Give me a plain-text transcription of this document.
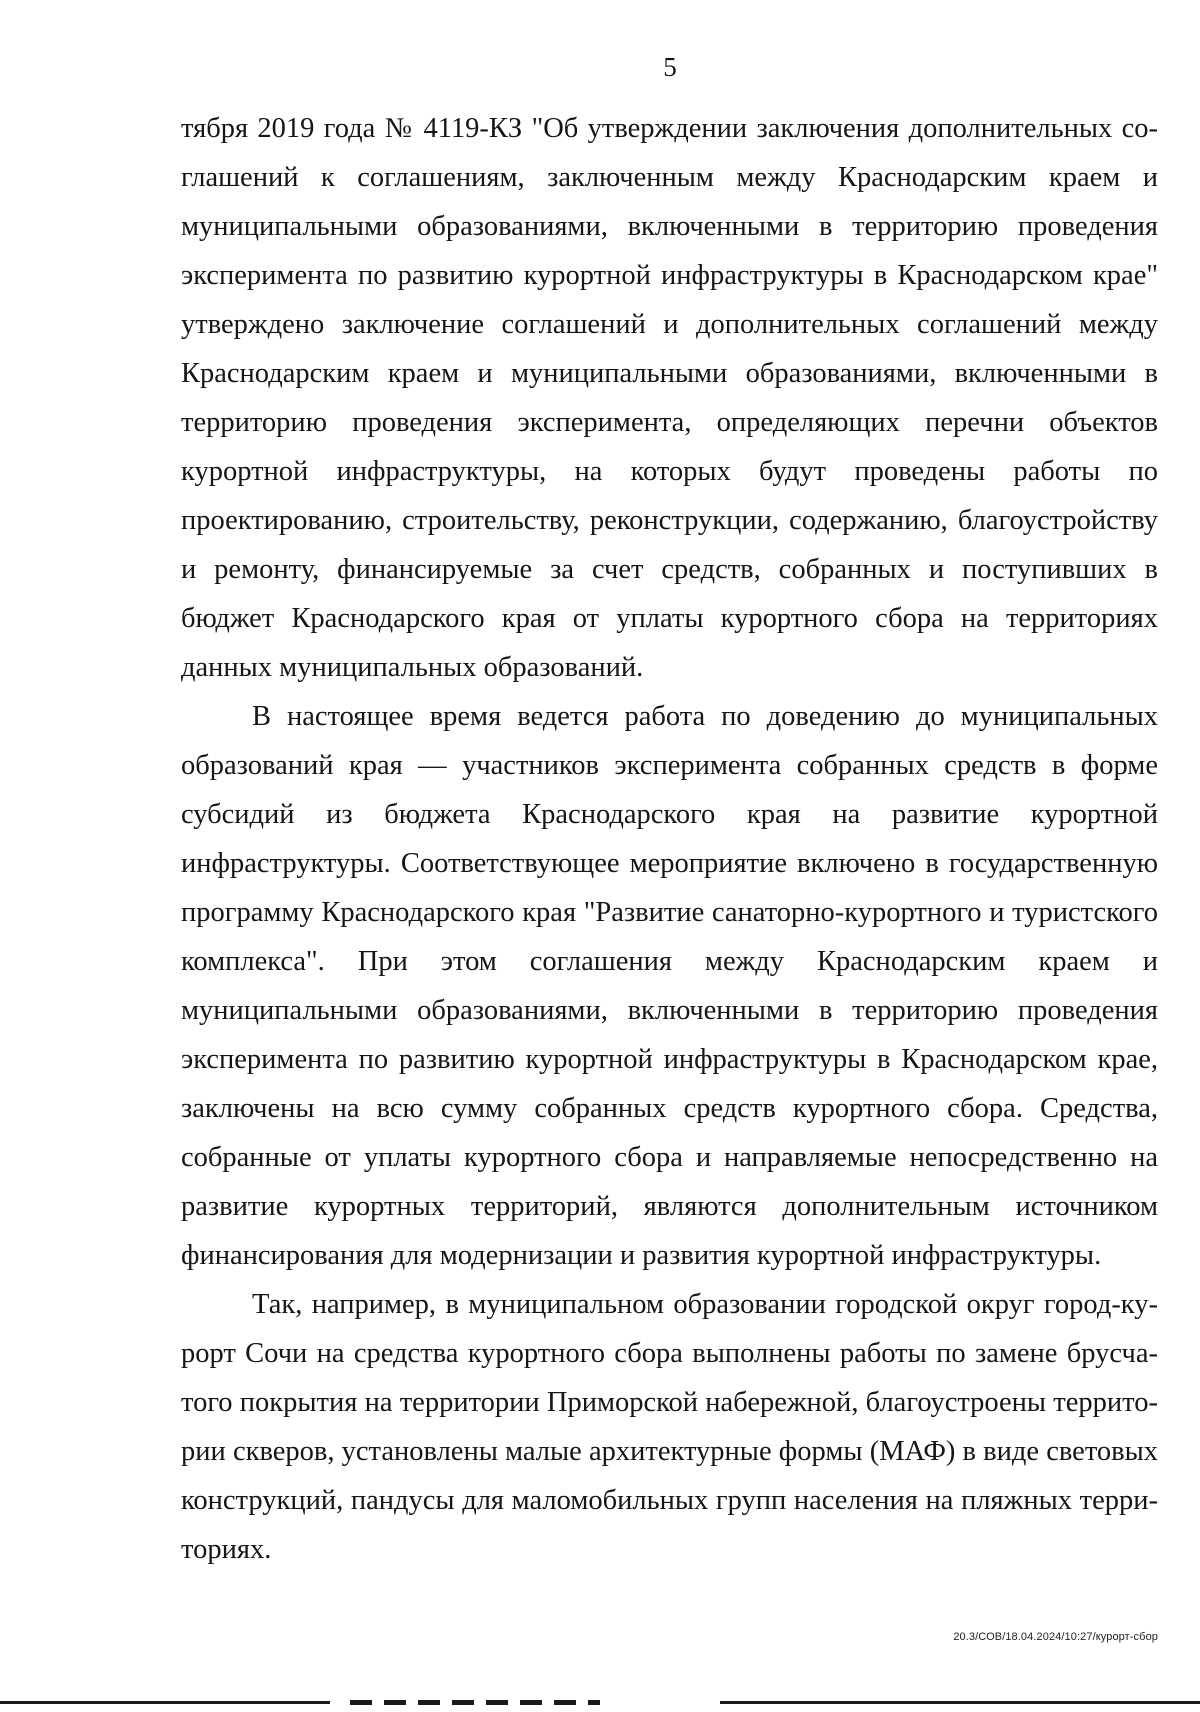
5

тября 2019 года № 4119-КЗ "Об утверждении заключения дополнительных соглашений к соглашениям, заключенным между Краснодарским краем и муниципальными образованиями, включенными в территорию проведения эксперимента по развитию курортной инфраструктуры в Краснодарском крае" утверждено заключение соглашений и дополнительных соглашений между Краснодарским краем и муниципальными образованиями, включенными в территорию проведения эксперимента, определяющих перечни объектов курортной инфраструктуры, на которых будут проведены работы по проектированию, строительству, реконструкции, содержанию, благоустройству и ремонту, финансируемые за счет средств, собранных и поступивших в бюджет Краснодарского края от уплаты курортного сбора на территориях данных муниципальных образований.

В настоящее время ведется работа по доведению до муниципальных образований края — участников эксперимента собранных средств в форме субсидий из бюджета Краснодарского края на развитие курортной инфраструктуры. Соответствующее мероприятие включено в государственную программу Краснодарского края "Развитие санаторно-курортного и туристского комплекса". При этом соглашения между Краснодарским краем и муниципальными образованиями, включенными в территорию проведения эксперимента по развитию курортной инфраструктуры в Краснодарском крае, заключены на всю сумму собранных средств курортного сбора. Средства, собранные от уплаты курортного сбора и направляемые непосредственно на развитие курортных территорий, являются дополнительным источником финансирования для модернизации и развития курортной инфраструктуры.

Так, например, в муниципальном образовании городской округ город-курорт Сочи на средства курортного сбора выполнены работы по замене брусчатого покрытия на территории Приморской набережной, благоустроены территории скверов, установлены малые архитектурные формы (МАФ) в виде световых конструкций, пандусы для маломобильных групп населения на пляжных территориях.

20.3/СОВ/18.04.2024/10:27/курорт-сбор
